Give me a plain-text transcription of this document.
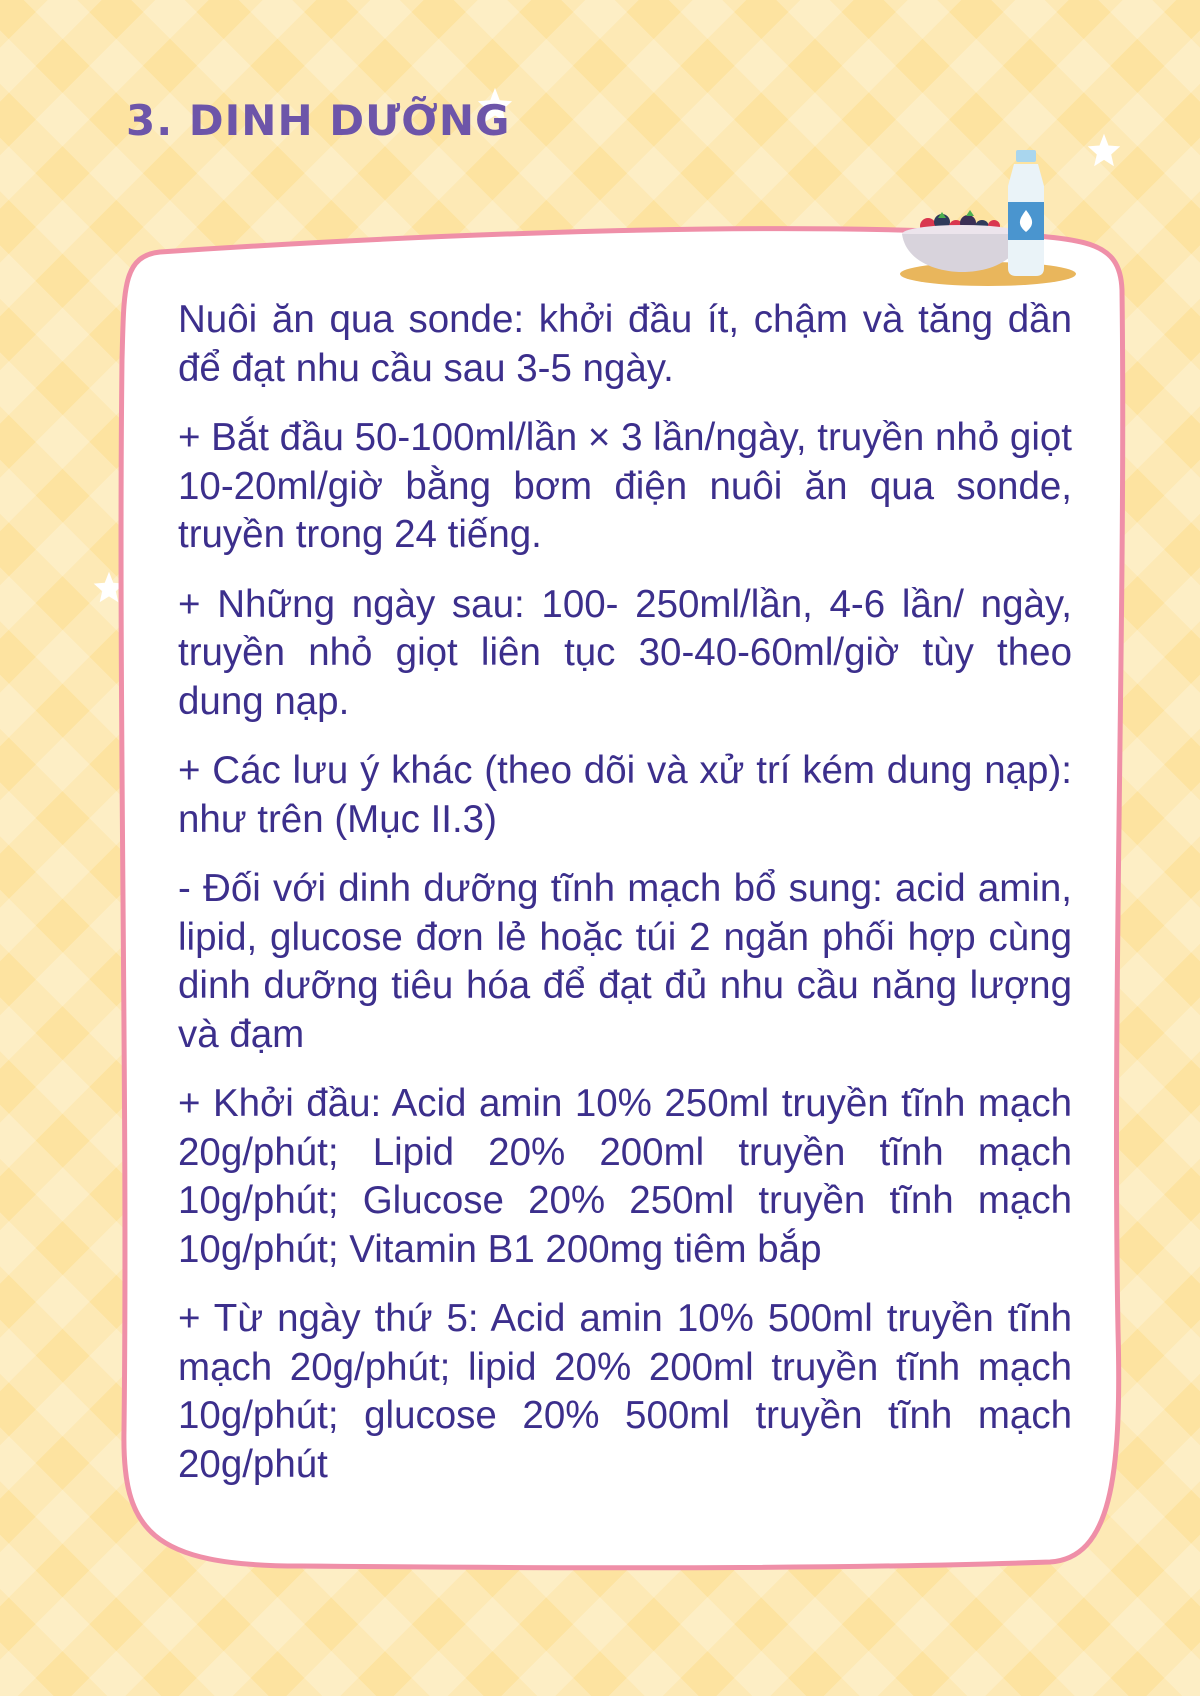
3. DINH DƯỠNG

Nuôi ăn qua sonde: khởi đầu ít, chậm và tăng dần để đạt nhu cầu sau 3-5 ngày.

+ Bắt đầu 50-100ml/lần × 3 lần/ngày, truyền nhỏ giọt 10-20ml/giờ bằng bơm điện nuôi ăn qua sonde, truyền trong 24 tiếng.

+ Những ngày sau: 100- 250ml/lần, 4-6 lần/ ngày, truyền nhỏ giọt liên tục 30-40-60ml/giờ tùy theo dung nạp.

+ Các lưu ý khác (theo dõi và xử trí kém dung nạp): như trên (Mục II.3)

- Đối với dinh dưỡng tĩnh mạch bổ sung: acid amin, lipid, glucose đơn lẻ hoặc túi 2 ngăn phối hợp cùng dinh dưỡng tiêu hóa để đạt đủ nhu cầu năng lượng và đạm

+ Khởi đầu: Acid amin 10% 250ml truyền tĩnh mạch 20g/phút; Lipid 20% 200ml truyền tĩnh mạch 10g/phút; Glucose 20% 250ml truyền tĩnh mạch 10g/phút; Vitamin B1 200mg tiêm bắp

+ Từ ngày thứ 5: Acid amin 10% 500ml truyền tĩnh mạch 20g/phút; lipid 20% 200ml truyền tĩnh mạch 10g/phút; glucose 20% 500ml truyền tĩnh mạch 20g/phút
